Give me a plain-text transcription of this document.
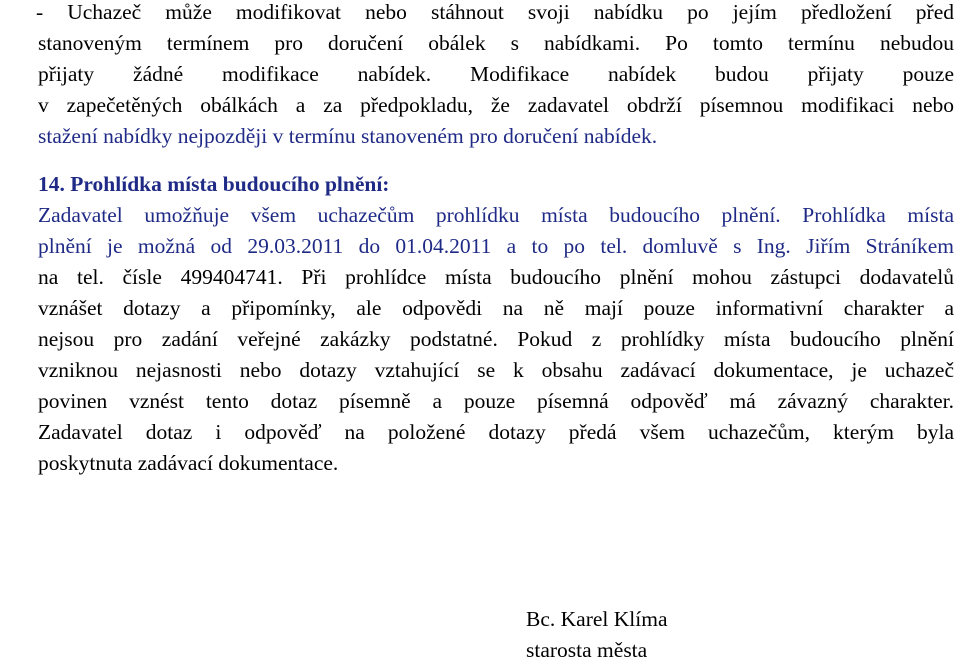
- Uchazeč může modifikovat nebo stáhnout svoji nabídku po jejím předložení před
stanoveným termínem pro doručení obálek s nabídkami. Po tomto termínu nebudou
přijaty žádné modifikace nabídek. Modifikace nabídek budou přijaty pouze
v zapečetěných obálkách a za předpokladu, že zadavatel obdrží písemnou modifikaci nebo
stažení nabídky nejpozději v termínu stanoveném pro doručení nabídek.
14. Prohlídka místa budoucího plnění:
Zadavatel umožňuje všem uchazečům prohlídku místa budoucího plnění. Prohlídka místa
plnění je možná od 29.03.2011 do 01.04.2011 a to po tel. domluvě s Ing. Jiřím Stráníkem
na tel. čísle 499404741. Při prohlídce místa budoucího plnění mohou zástupci dodavatelů
vznášet dotazy a připomínky, ale odpovědi na ně mají pouze informativní charakter a
nejsou pro zadání veřejné zakázky podstatné. Pokud z prohlídky místa budoucího plnění
vzniknou nejasnosti nebo dotazy vztahující se k obsahu zadávací dokumentace, je uchazeč
povinen vznést tento dotaz písemně a pouze písemná odpověď má závazný charakter.
Zadavatel dotaz i odpověď na položené dotazy předá všem uchazečům, kterým byla
poskytnuta zadávací dokumentace.
Bc. Karel Klíma
starosta města
